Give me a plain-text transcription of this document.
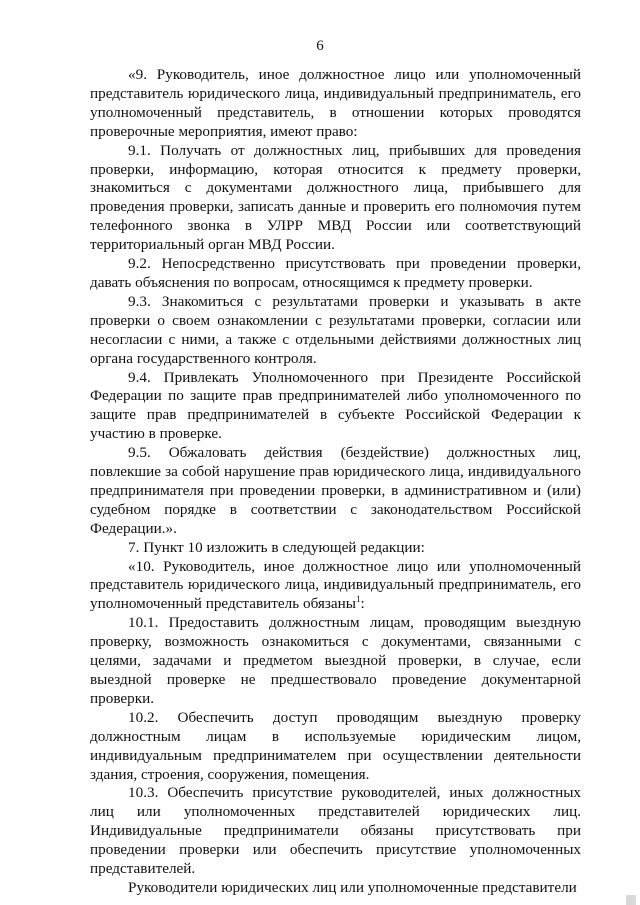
6

«9. Руководитель, иное должностное лицо или уполномоченный представитель юридического лица, индивидуальный предприниматель, его уполномоченный представитель, в отношении которых проводятся проверочные мероприятия, имеют право:

9.1. Получать от должностных лиц, прибывших для проведения проверки, информацию, которая относится к предмету проверки, знакомиться с документами должностного лица, прибывшего для проведения проверки, записать данные и проверить его полномочия путем телефонного звонка в УЛРР МВД России или соответствующий территориальный орган МВД России.

9.2. Непосредственно присутствовать при проведении проверки, давать объяснения по вопросам, относящимся к предмету проверки.

9.3. Знакомиться с результатами проверки и указывать в акте проверки о своем ознакомлении с результатами проверки, согласии или несогласии с ними, а также с отдельными действиями должностных лиц органа государственного контроля.

9.4. Привлекать Уполномоченного при Президенте Российской Федерации по защите прав предпринимателей либо уполномоченного по защите прав предпринимателей в субъекте Российской Федерации к участию в проверке.

9.5. Обжаловать действия (бездействие) должностных лиц, повлекшие за собой нарушение прав юридического лица, индивидуального предпринимателя при проведении проверки, в административном и (или) судебном порядке в соответствии с законодательством Российской Федерации.».

7. Пункт 10 изложить в следующей редакции:

«10. Руководитель, иное должностное лицо или уполномоченный представитель юридического лица, индивидуальный предприниматель, его уполномоченный представитель обязаны$^1$:

10.1. Предоставить должностным лицам, проводящим выездную проверку, возможность ознакомиться с документами, связанными с целями, задачами и предметом выездной проверки, в случае, если выездной проверке не предшествовало проведение документарной проверки.

10.2. Обеспечить доступ проводящим выездную проверку должностным лицам в используемые юридическим лицом, индивидуальным предпринимателем при осуществлении деятельности здания, строения, сооружения, помещения.

10.3. Обеспечить присутствие руководителей, иных должностных лиц или уполномоченных представителей юридических лиц. Индивидуальные предприниматели обязаны присутствовать при проведении проверки или обеспечить присутствие уполномоченных представителей.

Руководители юридических лиц или уполномоченные представители
